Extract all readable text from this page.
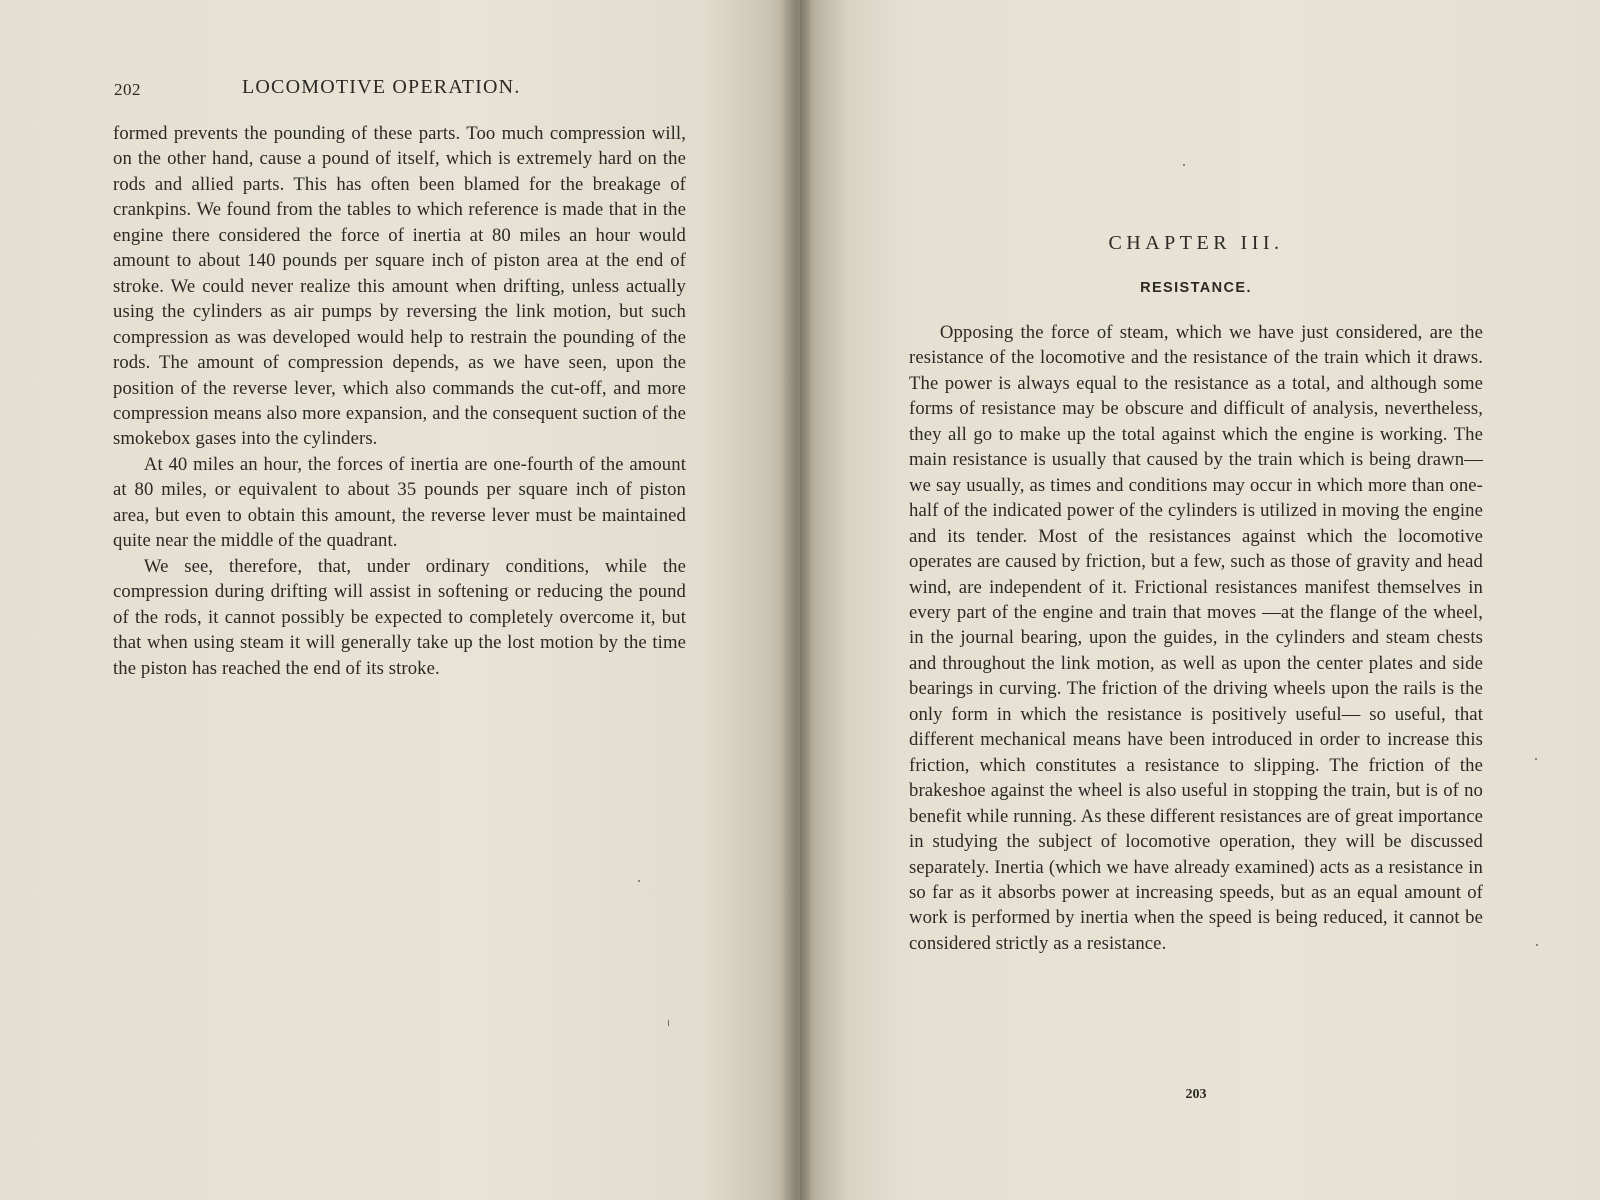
202	LOCOMOTIVE OPERATION.

formed prevents the pounding of these parts. Too much compression will, on the other hand, cause a pound of itself, which is extremely hard on the rods and allied parts. This has often been blamed for the breakage of crankpins. We found from the tables to which reference is made that in the engine there considered the force of inertia at 80 miles an hour would amount to about 140 pounds per square inch of piston area at the end of stroke. We could never realize this amount when drifting, unless actually using the cylinders as air pumps by reversing the link motion, but such compression as was developed would help to restrain the pounding of the rods. The amount of compression depends, as we have seen, upon the position of the reverse lever, which also commands the cut-off, and more compression means also more expansion, and the consequent suction of the smokebox gases into the cylinders.

At 40 miles an hour, the forces of inertia are one-fourth of the amount at 80 miles, or equivalent to about 35 pounds per square inch of piston area, but even to obtain this amount, the reverse lever must be maintained quite near the middle of the quadrant.

We see, therefore, that, under ordinary conditions, while the compression during drifting will assist in softening or reducing the pound of the rods, it cannot possibly be expected to completely overcome it, but that when using steam it will generally take up the lost motion by the time the piston has reached the end of its stroke.

CHAPTER III.
RESISTANCE.

Opposing the force of steam, which we have just considered, are the resistance of the locomotive and the resistance of the train which it draws. The power is always equal to the resistance as a total, and although some forms of resistance may be obscure and difficult of analysis, nevertheless, they all go to make up the total against which the engine is working. The main resistance is usually that caused by the train which is being drawn—we say usually, as times and conditions may occur in which more than one-half of the indicated power of the cylinders is utilized in moving the engine and its tender. Most of the resistances against which the locomotive operates are caused by friction, but a few, such as those of gravity and head wind, are independent of it. Frictional resistances manifest themselves in every part of the engine and train that moves —at the flange of the wheel, in the journal bearing, upon the guides, in the cylinders and steam chests and throughout the link motion, as well as upon the center plates and side bearings in curving. The friction of the driving wheels upon the rails is the only form in which the resistance is positively useful— so useful, that different mechanical means have been introduced in order to increase this friction, which constitutes a resistance to slipping. The friction of the brakeshoe against the wheel is also useful in stopping the train, but is of no benefit while running. As these different resistances are of great importance in studying the subject of locomotive operation, they will be discussed separately. Inertia (which we have already examined) acts as a resistance in so far as it absorbs power at increasing speeds, but as an equal amount of work is performed by inertia when the speed is being reduced, it cannot be considered strictly as a resistance.

203
